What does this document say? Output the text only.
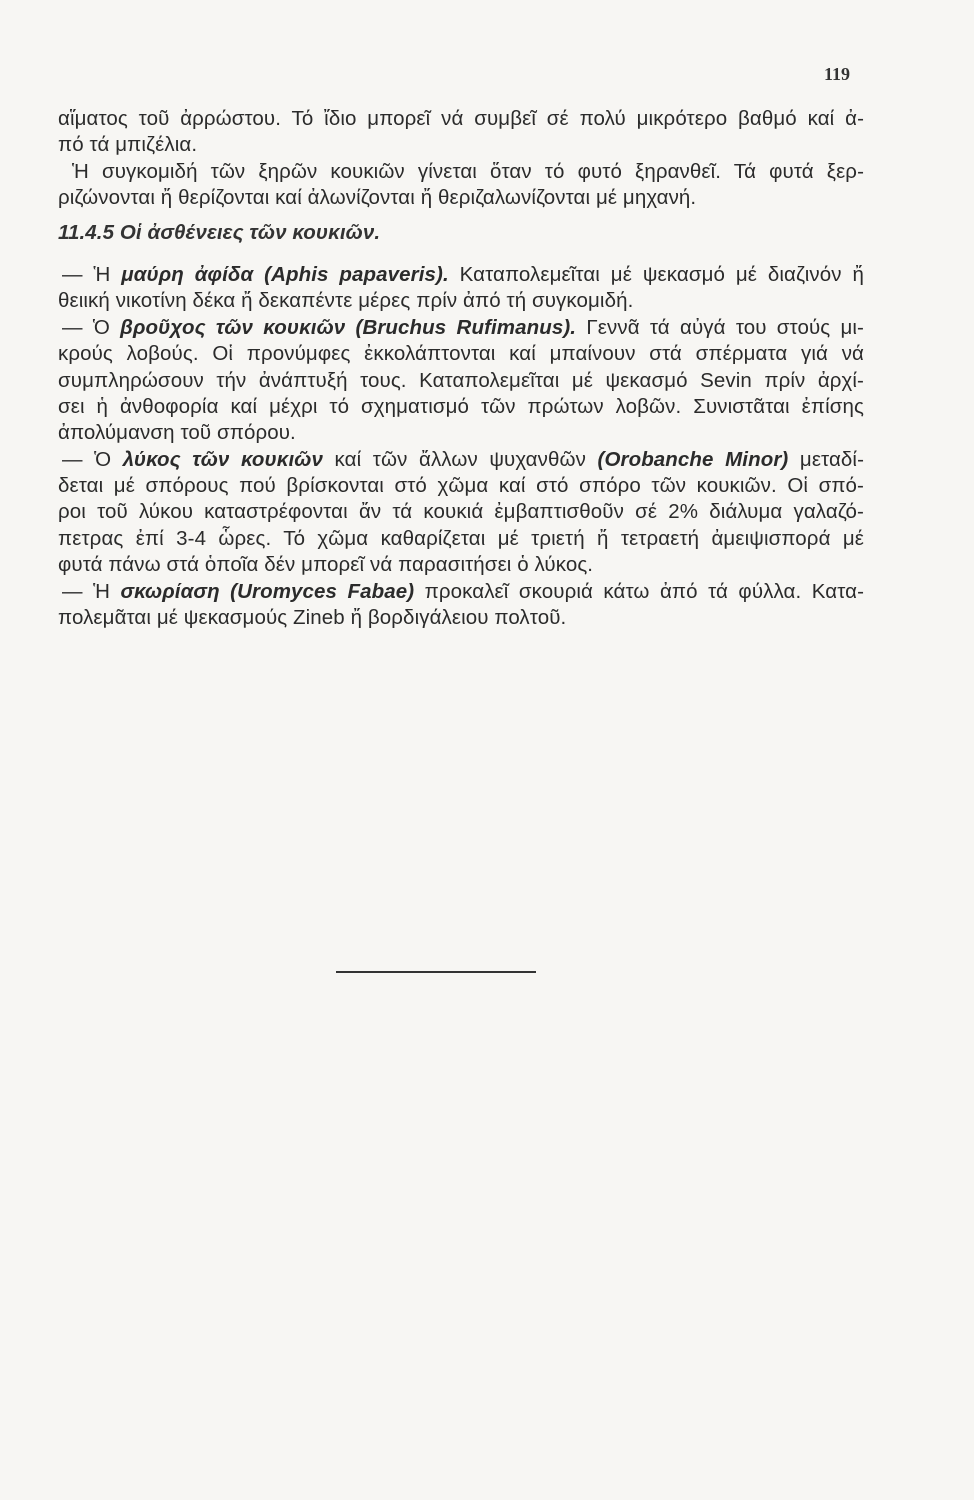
119
αἵματος τοῦ ἀρρώστου. Τό ἴδιο μπορεῖ νά συμβεῖ σέ πολύ μικρότερο βαθμό καί ἀ-
πό τά μπιζέλια.
Ἡ συγκομιδή τῶν ξηρῶν κουκιῶν γίνεται ὅταν τό φυτό ξηρανθεῖ. Τά φυτά ξερ-
ριζώνονται ἤ θερίζονται καί ἀλωνίζονται ἤ θεριζαλωνίζονται μέ μηχανή.
11.4.5 Οἱ ἀσθένειες τῶν κουκιῶν.
— Ἡ μαύρη ἀφίδα (Aphis papaveris). Καταπολεμεῖται μέ ψεκασμό μέ διαζινόν ἤ
θειική νικοτίνη δέκα ἤ δεκαπέντε μέρες πρίν ἀπό τή συγκομιδή.
— Ὁ βροῦχος τῶν κουκιῶν (Bruchus Rufimanus). Γεννᾶ τά αὐγά του στούς μι-
κρούς λοβούς. Οἱ προνύμφες ἐκκολάπτονται καί μπαίνουν στά σπέρματα γιά νά
συμπληρώσουν τήν ἀνάπτυξή τους. Καταπολεμεῖται μέ ψεκασμό Sevin πρίν ἀρχί-
σει ἡ ἀνθοφορία καί μέχρι τό σχηματισμό τῶν πρώτων λοβῶν. Συνιστᾶται ἐπίσης
ἀπολύμανση τοῦ σπόρου.
— Ὁ λύκος τῶν κουκιῶν καί τῶν ἄλλων ψυχανθῶν (Orobanche Minor) μεταδί-
δεται μέ σπόρους πού βρίσκονται στό χῶμα καί στό σπόρο τῶν κουκιῶν. Οἱ σπό-
ροι τοῦ λύκου καταστρέφονται ἄν τά κουκιά ἐμβαπτισθοῦν σέ 2% διάλυμα γαλαζό-
πετρας ἐπί 3-4 ὧρες. Τό χῶμα καθαρίζεται μέ τριετή ἤ τετραετή ἀμειψισπορά μέ
φυτά πάνω στά ὁποῖα δέν μπορεῖ νά παρασιτήσει ὁ λύκος.
— Ἡ σκωρίαση (Uromyces Fabae) προκαλεῖ σκουριά κάτω ἀπό τά φύλλα. Κατα-
πολεμᾶται μέ ψεκασμούς Zineb ἤ βορδιγάλειου πολτοῦ.
